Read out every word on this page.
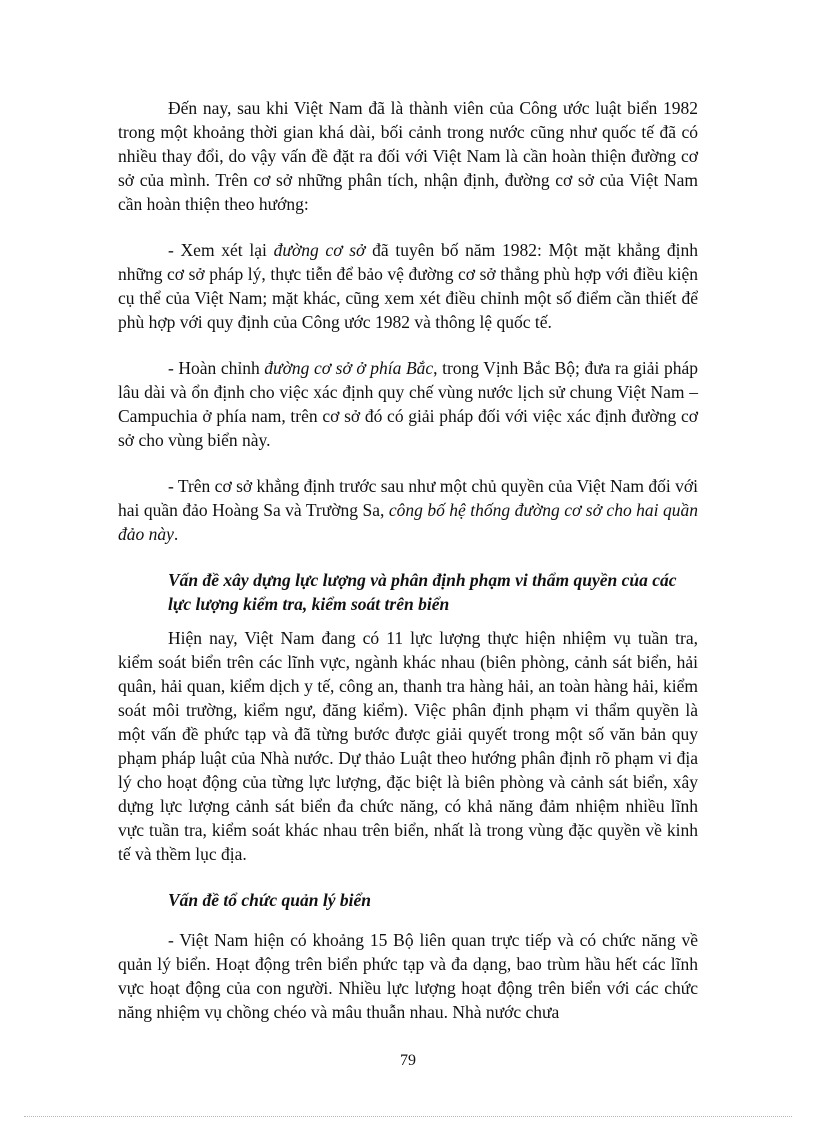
Đến nay, sau khi Việt Nam đã là thành viên của Công ước luật biển 1982 trong một khoảng thời gian khá dài, bối cảnh trong nước cũng như quốc tế đã có nhiều thay đổi, do vậy vấn đề đặt ra đối với Việt Nam là cần hoàn thiện đường cơ sở của mình. Trên cơ sở những phân tích, nhận định, đường cơ sở của Việt Nam cần hoàn thiện theo hướng:

- Xem xét lại đường cơ sở đã tuyên bố năm 1982: Một mặt khẳng định những cơ sở pháp lý, thực tiễn để bảo vệ đường cơ sở thẳng phù hợp với điều kiện cụ thể của Việt Nam; mặt khác, cũng xem xét điều chỉnh một số điểm cần thiết để phù hợp với quy định của Công ước 1982 và thông lệ quốc tế.

- Hoàn chỉnh đường cơ sở ở phía Bắc, trong Vịnh Bắc Bộ; đưa ra giải pháp lâu dài và ổn định cho việc xác định quy chế vùng nước lịch sử chung Việt Nam – Campuchia ở phía nam, trên cơ sở đó có giải pháp đối với việc xác định đường cơ sở cho vùng biển này.

- Trên cơ sở khẳng định trước sau như một chủ quyền của Việt Nam đối với hai quần đảo Hoàng Sa và Trường Sa, công bố hệ thống đường cơ sở cho hai quần đảo này.

Vấn đề xây dựng lực lượng và phân định phạm vi thẩm quyền của các lực lượng kiểm tra, kiểm soát trên biển

Hiện nay, Việt Nam đang có 11 lực lượng thực hiện nhiệm vụ tuần tra, kiểm soát biển trên các lĩnh vực, ngành khác nhau (biên phòng, cảnh sát biển, hải quân, hải quan, kiểm dịch y tế, công an, thanh tra hàng hải, an toàn hàng hải, kiểm soát môi trường, kiểm ngư, đăng kiểm). Việc phân định phạm vi thẩm quyền là một vấn đề phức tạp và đã từng bước được giải quyết trong một số văn bản quy phạm pháp luật của Nhà nước. Dự thảo Luật theo hướng phân định rõ phạm vi địa lý cho hoạt động của từng lực lượng, đặc biệt là biên phòng và cảnh sát biển, xây dựng lực lượng cảnh sát biển đa chức năng, có khả năng đảm nhiệm nhiều lĩnh vực tuần tra, kiểm soát khác nhau trên biển, nhất là trong vùng đặc quyền về kinh tế và thềm lục địa.

Vấn đề tổ chức quản lý biển

- Việt Nam hiện có khoảng 15 Bộ liên quan trực tiếp và có chức năng về quản lý biển. Hoạt động trên biển phức tạp và đa dạng, bao trùm hầu hết các lĩnh vực hoạt động của con người. Nhiều lực lượng hoạt động trên biển với các chức năng nhiệm vụ chồng chéo và mâu thuẫn nhau. Nhà nước chưa

79
